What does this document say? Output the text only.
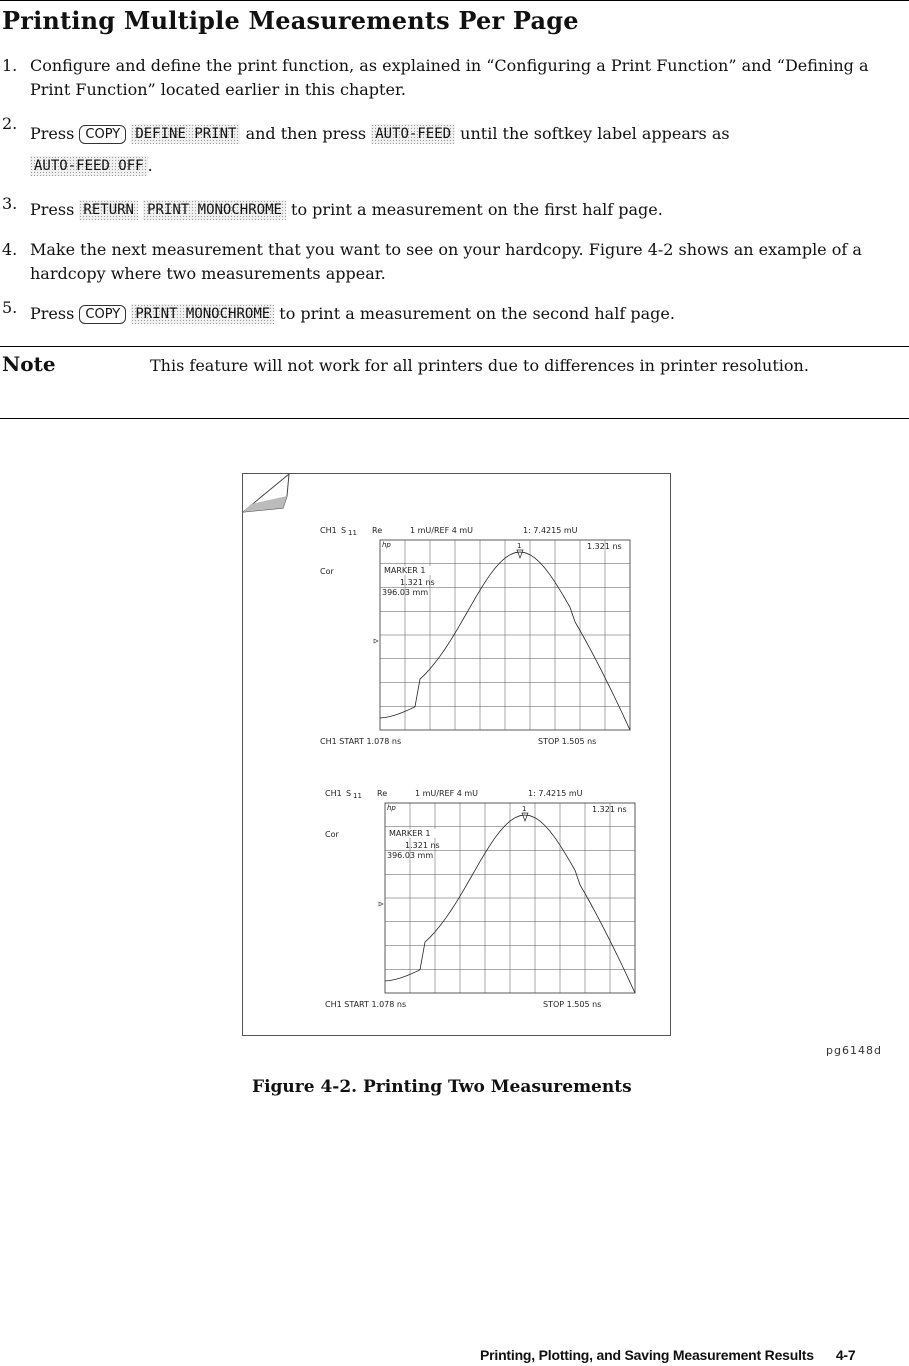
Printing Multiple Measurements Per Page
1. Configure and define the print function, as explained in “Configuring a Print Function” and “Defining a Print Function” located earlier in this chapter.
2.
Press COPY DEFINE PRINT and then press AUTO-FEED until the softkey label appears as
AUTO-FEED OFF .
3. Press RETURN PRINT MONOCHROME to print a measurement on the first half page.
4. Make the next measurement that you want to see on your hardcopy. Figure 4-2 shows an example of a hardcopy where two measurements appear.
5. Press COPY PRINT MONOCHROME to print a measurement on the second half page.
Note	This feature will not work for all printers due to differences in printer resolution.
CH1 S 11 Re	1 mU/REF 4 mU	1: 7.4215 mU
Cor
hp	1.321 ns
MARKER 1
1.321 ns
396.03 mm
1
CH1 START 1.078 ns	STOP 1.505 ns
CH1 S 11 Re	1 mU/REF 4 mU	1: 7.4215 mU
Cor
hp	1.321 ns
MARKER 1
1.321 ns
396.03 mm
1
CH1 START 1.078 ns	STOP 1.505 ns
pg6148d
Figure 4-2. Printing Two Measurements
Printing, Plotting, and Saving Measurement Results 4-7
